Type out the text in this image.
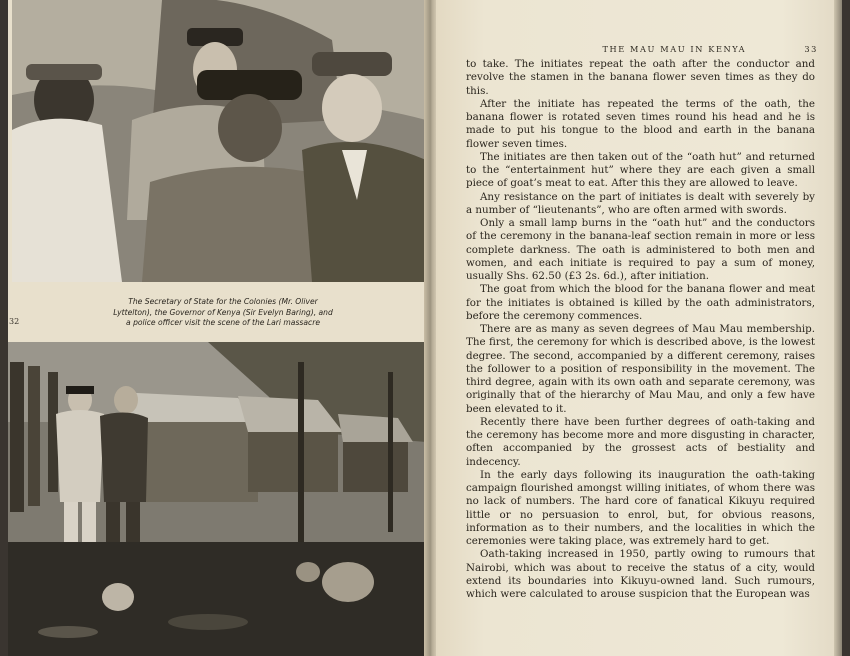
The Secretary of State for the Colonies (Mr. Oliver
Lyttelton), the Governor of Kenya (Sir Evelyn Baring), and
a police officer visit the scene of the Lari massacre
32
THE MAU MAU IN KENYA	33

to take. The initiates repeat the oath after the conductor and revolve the stamen in the banana flower seven times as they do this.

After the initiate has repeated the terms of the oath, the banana flower is rotated seven times round his head and he is made to put his tongue to the blood and earth in the banana flower seven times.

The initiates are then taken out of the “oath hut” and returned to the “entertainment hut” where they are each given a small piece of goat’s meat to eat. After this they are allowed to leave.

Any resistance on the part of initiates is dealt with severely by a number of “lieutenants”, who are often armed with swords.

Only a small lamp burns in the “oath hut” and the conductors of the ceremony in the banana-leaf section remain in more or less complete darkness. The oath is administered to both men and women, and each initiate is required to pay a sum of money, usually Shs. 62.50 (£3 2s. 6d.), after initiation.

The goat from which the blood for the banana flower and meat for the initiates is obtained is killed by the oath administrators, before the ceremony commences.

There are as many as seven degrees of Mau Mau membership. The first, the ceremony for which is described above, is the lowest degree. The second, accompanied by a different ceremony, raises the follower to a position of responsibility in the movement. The third degree, again with its own oath and separate ceremony, was originally that of the hierarchy of Mau Mau, and only a few have been elevated to it.

Recently there have been further degrees of oath-taking and the ceremony has become more and more disgusting in character, often accompanied by the grossest acts of bestiality and indecency.

In the early days following its inauguration the oath-taking campaign flourished amongst willing initiates, of whom there was no lack of numbers. The hard core of fanatical Kikuyu required little or no persuasion to enrol, but, for obvious reasons, information as to their numbers, and the localities in which the ceremonies were taking place, was extremely hard to get.

Oath-taking increased in 1950, partly owing to rumours that Nairobi, which was about to receive the status of a city, would extend its boundaries into Kikuyu-owned land. Such rumours, which were calculated to arouse suspicion that the European was
